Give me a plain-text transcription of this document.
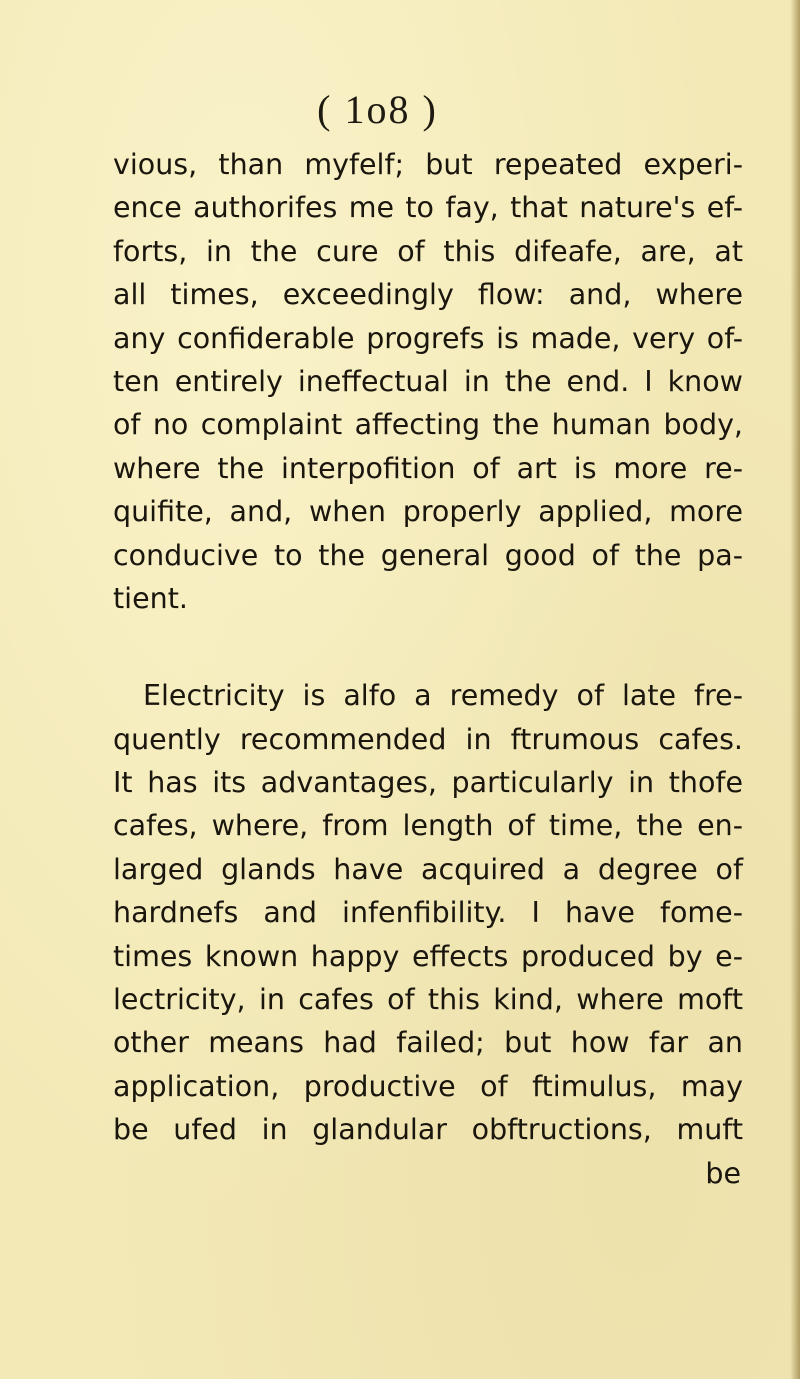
( 1o8 )
vious, than myfelf; but repeated experi-
ence authorifes me to fay, that nature's ef-
forts, in the cure of this difeafe, are, at
all times, exceedingly flow: and, where
any confiderable progrefs is made, very of-
ten entirely ineffectual in the end. I know
of no complaint affecting the human body,
where the interpofition of art is more re-
quifite, and, when properly applied, more
conducive to the general good of the pa-
tient.
Electricity is alfo a remedy of late fre-
quently recommended in ftrumous cafes.
It has its advantages, particularly in thofe
cafes, where, from length of time, the en-
larged glands have acquired a degree of
hardnefs and infenfibility. I have fome-
times known happy effects produced by e-
lectricity, in cafes of this kind, where moft
other means had failed; but how far an
application, productive of ftimulus, may
be ufed in glandular obftructions, muft
be
